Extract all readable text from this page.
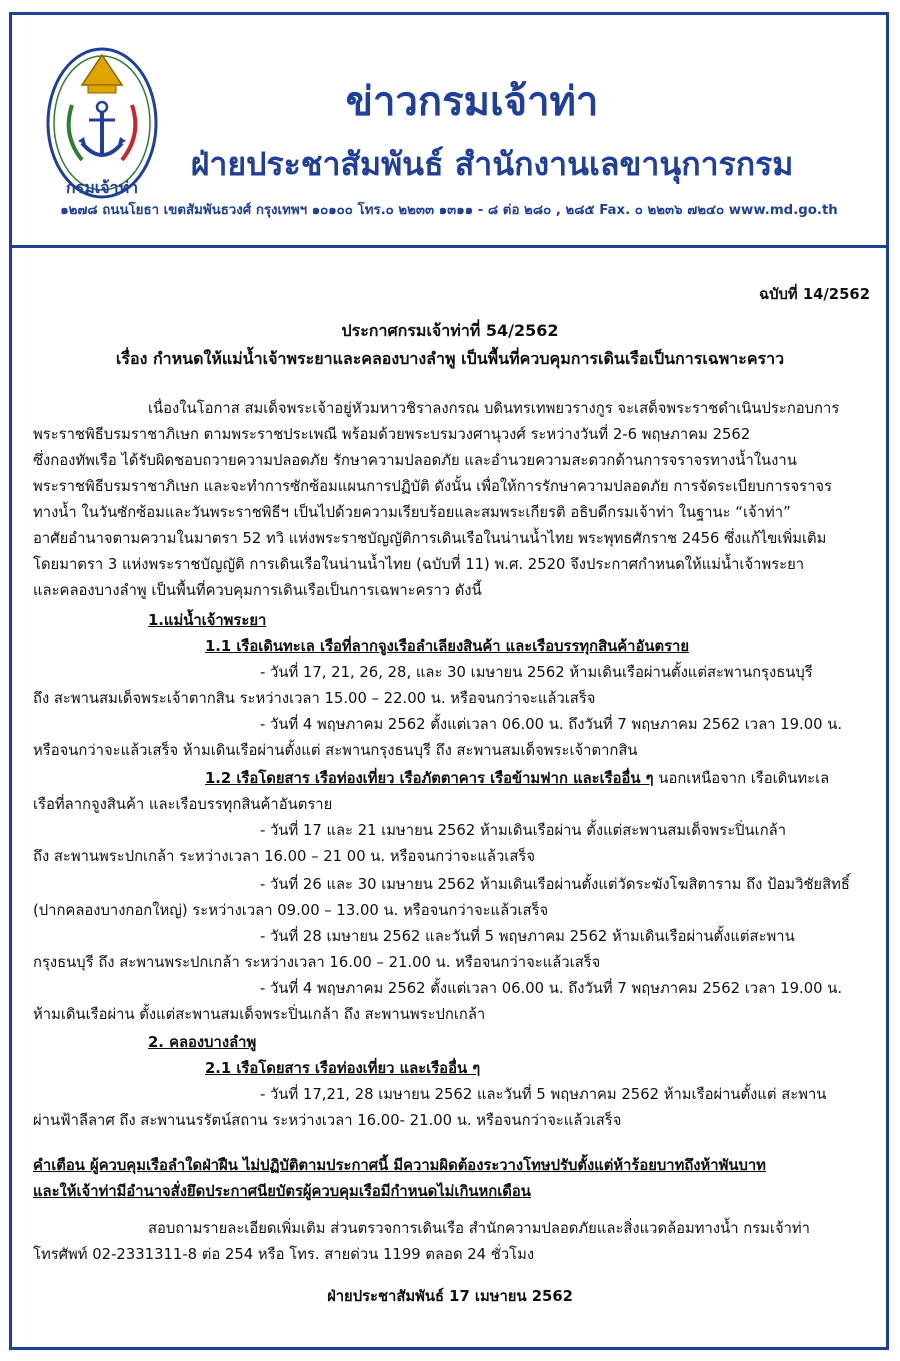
กรมเจ้าท่า
ข่าวกรมเจ้าท่า
ฝ่ายประชาสัมพันธ์ สำนักงานเลขานุการกรม
๑๒๗๘ ถนนโยธา เขตสัมพันธวงศ์ กรุงเทพฯ ๑๐๑๐๐ โทร.๐ ๒๒๓๓ ๑๓๑๑ - ๘ ต่อ ๒๘๐ , ๒๘๕ Fax. ๐ ๒๒๓๖ ๗๒๔๐ www.md.go.th
ฉบับที่ 14/2562
ประกาศกรมเจ้าท่าที่ 54/2562
เรื่อง กำหนดให้แม่น้ำเจ้าพระยาและคลองบางลำพู เป็นพื้นที่ควบคุมการเดินเรือเป็นการเฉพาะคราว
เนื่องในโอกาส สมเด็จพระเจ้าอยู่หัวมหาวชิราลงกรณ บดินทรเทพยวรางกูร จะเสด็จพระราชดำเนินประกอบการ
พระราชพิธีบรมราชาภิเษก ตามพระราชประเพณี พร้อมด้วยพระบรมวงศานุวงศ์ ระหว่างวันที่ 2-6 พฤษภาคม 2562
ซึ่งกองทัพเรือ ได้รับผิดชอบถวายความปลอดภัย รักษาความปลอดภัย และอำนวยความสะดวกด้านการจราจรทางน้ำในงาน
พระราชพิธีบรมราชาภิเษก และจะทำการซักซ้อมแผนการปฏิบัติ ดังนั้น เพื่อให้การรักษาความปลอดภัย การจัดระเบียบการจราจร
ทางน้ำ ในวันซักซ้อมและวันพระราชพิธีฯ เป็นไปด้วยความเรียบร้อยและสมพระเกียรติ อธิบดีกรมเจ้าท่า ในฐานะ “เจ้าท่า”
อาศัยอำนาจตามความในมาตรา 52 ทวิ แห่งพระราชบัญญัติการเดินเรือในน่านน้ำไทย พระพุทธศักราช 2456 ซึ่งแก้ไขเพิ่มเติม
โดยมาตรา 3 แห่งพระราชบัญญัติ การเดินเรือในน่านน้ำไทย (ฉบับที่ 11) พ.ศ. 2520 จึงประกาศกำหนดให้แม่น้ำเจ้าพระยา
และคลองบางลำพู เป็นพื้นที่ควบคุมการเดินเรือเป็นการเฉพาะคราว ดังนี้
1.แม่น้ำเจ้าพระยา
1.1 เรือเดินทะเล เรือที่ลากจูงเรือลำเลียงสินค้า และเรือบรรทุกสินค้าอันตราย
- วันที่ 17, 21, 26, 28, และ 30 เมษายน 2562 ห้ามเดินเรือผ่านตั้งแต่สะพานกรุงธนบุรี
ถึง สะพานสมเด็จพระเจ้าตากสิน ระหว่างเวลา 15.00 – 22.00 น. หรือจนกว่าจะแล้วเสร็จ
- วันที่ 4 พฤษภาคม 2562 ตั้งแต่เวลา 06.00 น. ถึงวันที่ 7 พฤษภาคม 2562 เวลา 19.00 น.
หรือจนกว่าจะแล้วเสร็จ ห้ามเดินเรือผ่านตั้งแต่ สะพานกรุงธนบุรี ถึง สะพานสมเด็จพระเจ้าตากสิน
1.2 เรือโดยสาร เรือท่องเที่ยว เรือภัตตาคาร เรือข้ามฟาก และเรืออื่น ๆ นอกเหนือจาก เรือเดินทะเล
เรือที่ลากจูงสินค้า และเรือบรรทุกสินค้าอันตราย
- วันที่ 17 และ 21 เมษายน 2562 ห้ามเดินเรือผ่าน ตั้งแต่สะพานสมเด็จพระปิ่นเกล้า
ถึง สะพานพระปกเกล้า ระหว่างเวลา 16.00 – 21 00 น. หรือจนกว่าจะแล้วเสร็จ
- วันที่ 26 และ 30 เมษายน 2562 ห้ามเดินเรือผ่านตั้งแต่วัดระฆังโฆสิตาราม ถึง ป้อมวิชัยสิทธิ์
(ปากคลองบางกอกใหญ่) ระหว่างเวลา 09.00 – 13.00 น. หรือจนกว่าจะแล้วเสร็จ
- วันที่ 28 เมษายน 2562 และวันที่ 5 พฤษภาคม 2562 ห้ามเดินเรือผ่านตั้งแต่สะพาน
กรุงธนบุรี ถึง สะพานพระปกเกล้า ระหว่างเวลา 16.00 – 21.00 น. หรือจนกว่าจะแล้วเสร็จ
- วันที่ 4 พฤษภาคม 2562 ตั้งแต่เวลา 06.00 น. ถึงวันที่ 7 พฤษภาคม 2562 เวลา 19.00 น.
ห้ามเดินเรือผ่าน ตั้งแต่สะพานสมเด็จพระปิ่นเกล้า ถึง สะพานพระปกเกล้า
2. คลองบางลำพู
2.1 เรือโดยสาร เรือท่องเที่ยว และเรืออื่น ๆ
- วันที่ 17,21, 28 เมษายน 2562 และวันที่ 5 พฤษภาคม 2562 ห้ามเรือผ่านตั้งแต่ สะพาน
ผ่านฟ้าลีลาศ ถึง สะพานนรรัตน์สถาน ระหว่างเวลา 16.00- 21.00 น. หรือจนกว่าจะแล้วเสร็จ
คำเตือน ผู้ควบคุมเรือลำใดฝ่าฝืน ไม่ปฏิบัติตามประกาศนี้ มีความผิดต้องระวางโทษปรับตั้งแต่ห้าร้อยบาทถึงห้าพันบาท
และให้เจ้าท่ามีอำนาจสั่งยึดประกาศนียบัตรผู้ควบคุมเรือมีกำหนดไม่เกินหกเดือน
สอบถามรายละเอียดเพิ่มเติม ส่วนตรวจการเดินเรือ สำนักความปลอดภัยและสิ่งแวดล้อมทางน้ำ กรมเจ้าท่า
โทรศัพท์ 02-2331311-8 ต่อ 254 หรือ โทร. สายด่วน 1199 ตลอด 24 ชั่วโมง
ฝ่ายประชาสัมพันธ์ 17 เมษายน 2562
